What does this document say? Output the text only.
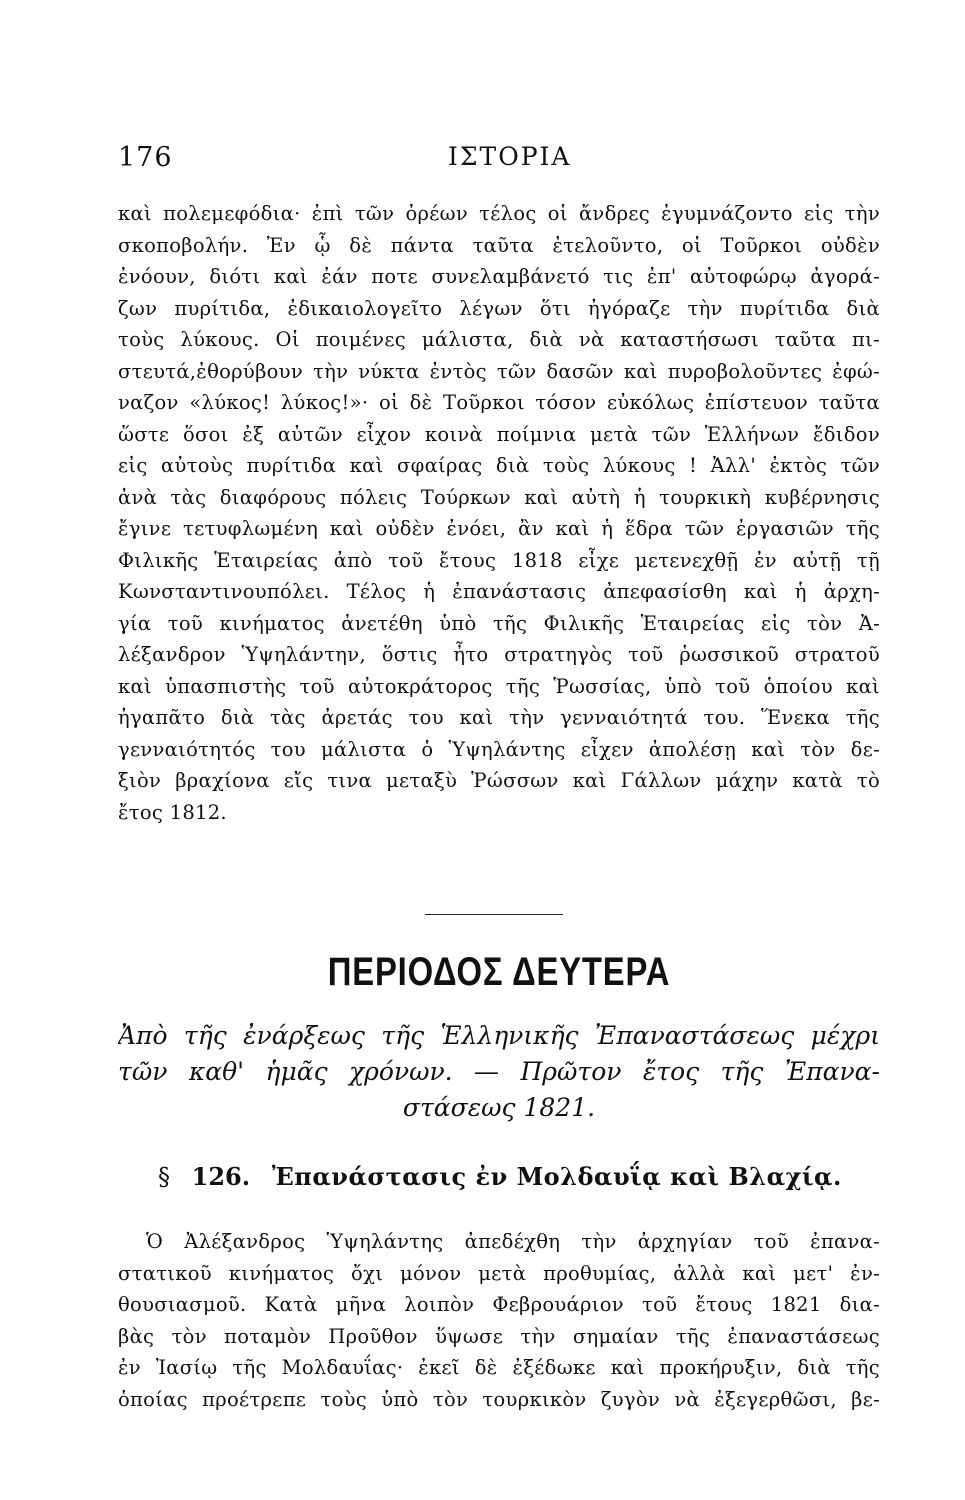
176	ΙΣΤΟΡΙΑ
καὶ πολεμεφόδια· ἐπὶ τῶν ὀρέων τέλος οἱ ἄνδρες ἐγυμνάζοντο εἰς τὴν
σκοποβολήν. Ἐν ᾧ δὲ πάντα ταῦτα ἐτελοῦντο, οἱ Τοῦρκοι οὐδὲν
ἐνόουν, διότι καὶ ἐάν ποτε συνελαμβάνετό τις ἐπ' αὐτοφώρῳ ἀγορά-
ζων πυρίτιδα, ἐδικαιολογεῖτο λέγων ὅτι ἠγόραζε τὴν πυρίτιδα διὰ
τοὺς λύκους. Οἱ ποιμένες μάλιστα, διὰ νὰ καταστήσωσι ταῦτα πι-
στευτά,ἐθορύβουν τὴν νύκτα ἐντὸς τῶν δασῶν καὶ πυροβολοῦντες ἐφώ-
ναζον «λύκος! λύκος!»· οἱ δὲ Τοῦρκοι τόσον εὐκόλως ἐπίστευον ταῦτα
ὥστε ὅσοι ἐξ αὐτῶν εἶχον κοινὰ ποίμνια μετὰ τῶν Ἑλλήνων ἔδιδον
εἰς αὐτοὺς πυρίτιδα καὶ σφαίρας διὰ τοὺς λύκους ! Ἀλλ' ἐκτὸς τῶν
ἀνὰ τὰς διαφόρους πόλεις Τούρκων καὶ αὐτὴ ἡ τουρκικὴ κυβέρνησις
ἔγινε τετυφλωμένη καὶ οὐδὲν ἐνόει, ἂν καὶ ἡ ἕδρα τῶν ἐργασιῶν τῆς
Φιλικῆς Ἑταιρείας ἀπὸ τοῦ ἔτους 1818 εἶχε μετενεχθῇ ἐν αὐτῇ τῇ
Κωνσταντινουπόλει. Τέλος ἡ ἐπανάστασις ἀπεφασίσθη καὶ ἡ ἀρχη-
γία τοῦ κινήματος ἀνετέθη ὑπὸ τῆς Φιλικῆς Ἑταιρείας εἰς τὸν Ἀ-
λέξανδρον Ὑψηλάντην, ὅστις ἦτο στρατηγὸς τοῦ ῥωσσικοῦ στρατοῦ
καὶ ὑπασπιστὴς τοῦ αὐτοκράτορος τῆς Ῥωσσίας, ὑπὸ τοῦ ὁποίου καὶ
ἠγαπᾶτο διὰ τὰς ἀρετάς του καὶ τὴν γενναιότητά του. Ἕνεκα τῆς
γενναιότητός του μάλιστα ὁ Ὑψηλάντης εἶχεν ἀπολέσῃ καὶ τὸν δε-
ξιὸν βραχίονα εἴς τινα μεταξὺ Ῥώσσων καὶ Γάλλων μάχην κατὰ τὸ
ἔτος 1812.
ΠΕΡΙΟΔΟΣ ΔΕΥΤΕΡΑ
Ἀπὸ τῆς ἐνάρξεως τῆς Ἑλληνικῆς Ἐπαναστάσεως μέχρι
τῶν καθ' ἡμᾶς χρόνων. — Πρῶτον ἔτος τῆς Ἐπανα-
στάσεως 1821.
§ 126. Ἐπανάστασις ἐν Μολδαυΐᾳ καὶ Βλαχίᾳ.
Ὁ Ἀλέξανδρος Ὑψηλάντης ἀπεδέχθη τὴν ἀρχηγίαν τοῦ ἐπανα-
στατικοῦ κινήματος ὄχι μόνον μετὰ προθυμίας, ἀλλὰ καὶ μετ' ἐν-
θουσιασμοῦ. Κατὰ μῆνα λοιπὸν Φεβρουάριον τοῦ ἔτους 1821 δια-
βὰς τὸν ποταμὸν Προῦθον ὕψωσε τὴν σημαίαν τῆς ἐπαναστάσεως
ἐν Ἰασίῳ τῆς Μολδαυΐας· ἐκεῖ δὲ ἐξέδωκε καὶ προκήρυξιν, διὰ τῆς
ὁποίας προέτρεπε τοὺς ὑπὸ τὸν τουρκικὸν ζυγὸν νὰ ἐξεγερθῶσι, βε-
